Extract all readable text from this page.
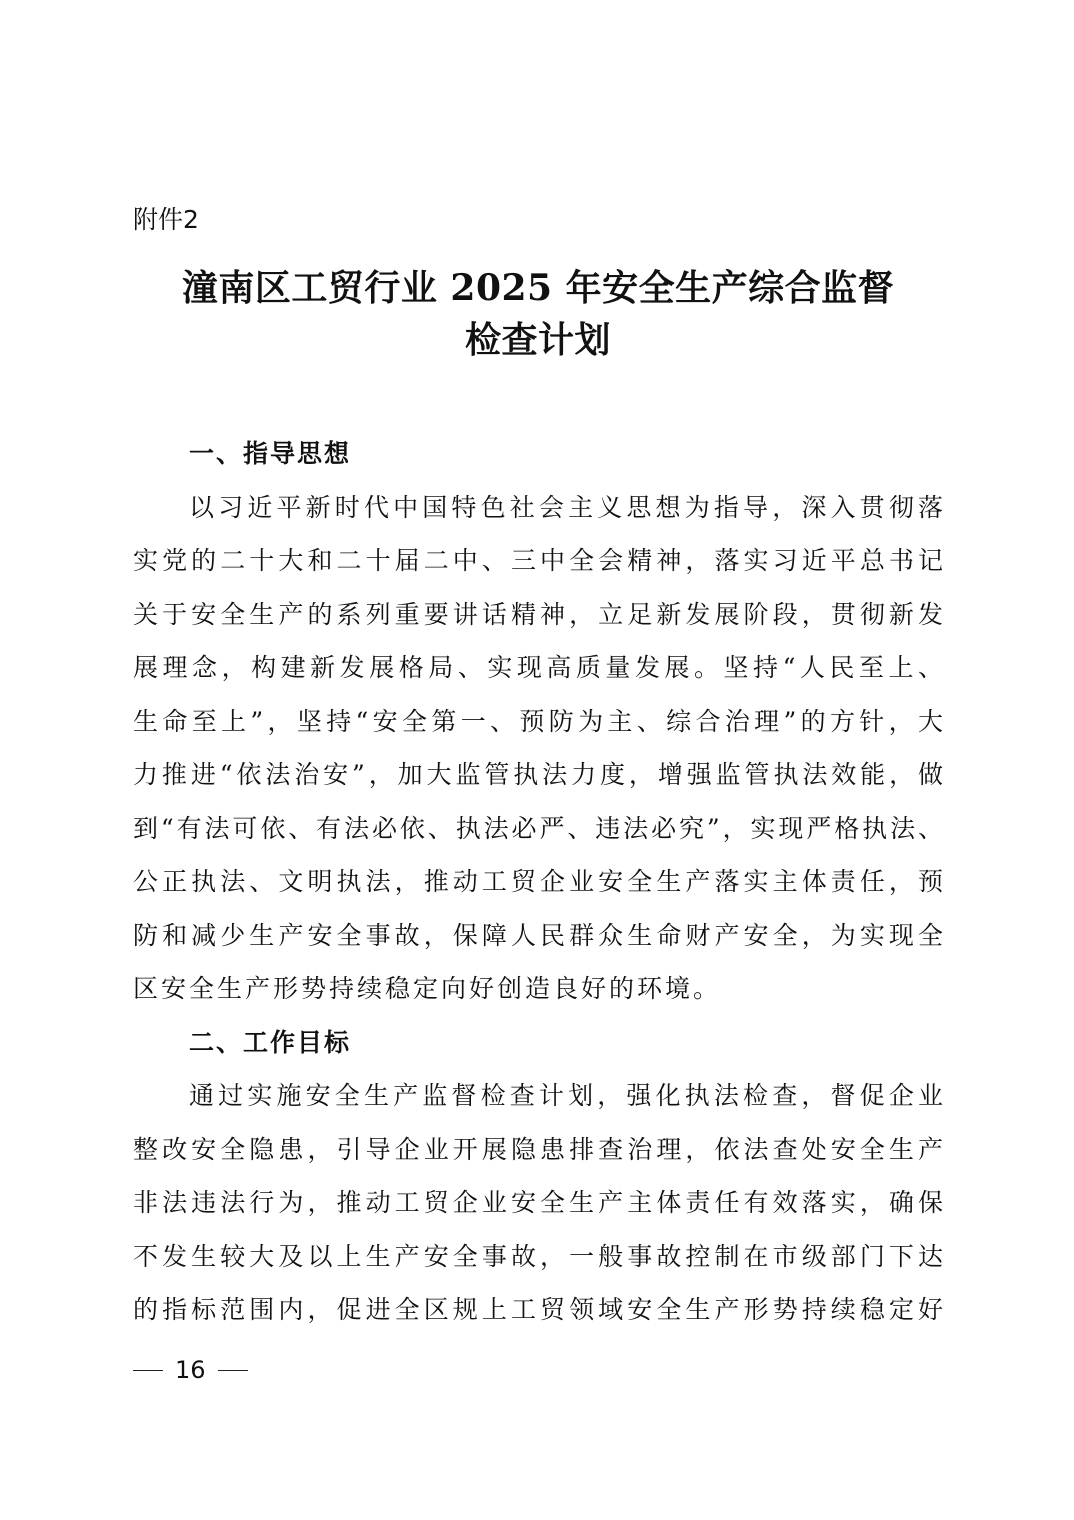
附件2
潼南区工贸行业 2025 年安全生产综合监督
检查计划
一、指导思想
以习近平新时代中国特色社会主义思想为指导，深入贯彻落
实党的二十大和二十届二中、三中全会精神，落实习近平总书记
关于安全生产的系列重要讲话精神，立足新发展阶段，贯彻新发
展理念，构建新发展格局、实现高质量发展。坚持“人民至上、
生命至上”，坚持“安全第一、预防为主、综合治理”的方针，大
力推进“依法治安”，加大监管执法力度，增强监管执法效能，做
到“有法可依、有法必依、执法必严、违法必究”，实现严格执法、
公正执法、文明执法，推动工贸企业安全生产落实主体责任，预
防和减少生产安全事故，保障人民群众生命财产安全，为实现全
区安全生产形势持续稳定向好创造良好的环境。
二、工作目标
通过实施安全生产监督检查计划，强化执法检查，督促企业
整改安全隐患，引导企业开展隐患排查治理，依法查处安全生产
非法违法行为，推动工贸企业安全生产主体责任有效落实，确保
不发生较大及以上生产安全事故，一般事故控制在市级部门下达
的指标范围内，促进全区规上工贸领域安全生产形势持续稳定好
16
